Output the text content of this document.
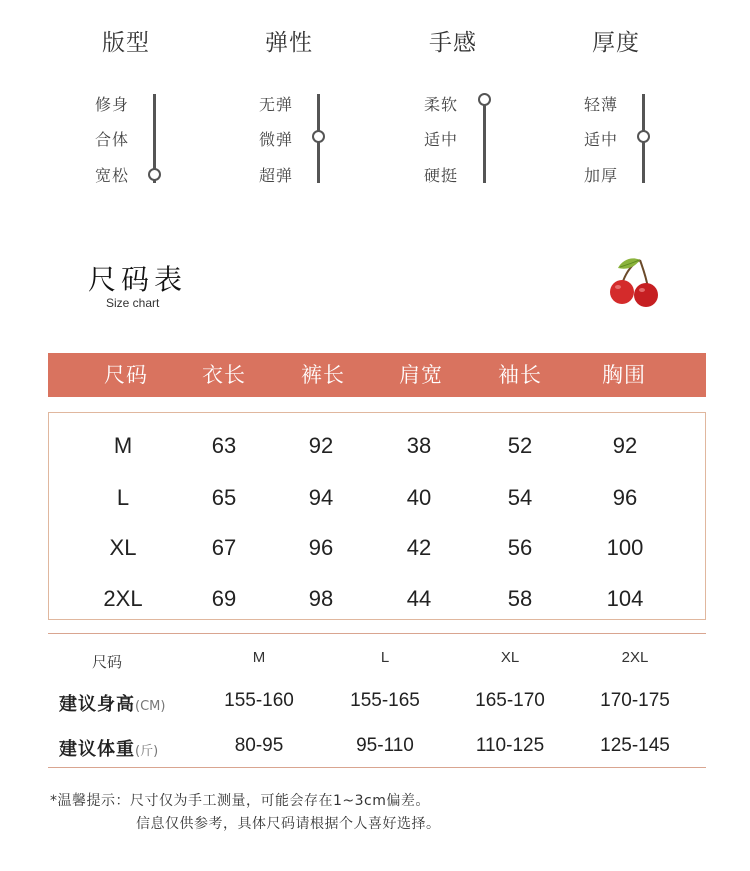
版型
修身
合体
宽松
弹性
无弹
微弹
超弹
手感
柔软
适中
硬挺
厚度
轻薄
适中
加厚
尺码表
Size chart
尺码	衣长	裤长	肩宽	袖长	胸围
M	63	92	38	52	92
L	65	94	40	54	96
XL	67	96	42	56	100
2XL	69	98	44	58	104
尺码	M	L	XL	2XL
建议身高(CM)	155-160	155-165	165-170	170-175
建议体重(斤)	80-95	95-110	110-125	125-145
*温馨提示：尺寸仅为手工测量，可能会存在1~3cm偏差。
信息仅供参考，具体尺码请根据个人喜好选择。
